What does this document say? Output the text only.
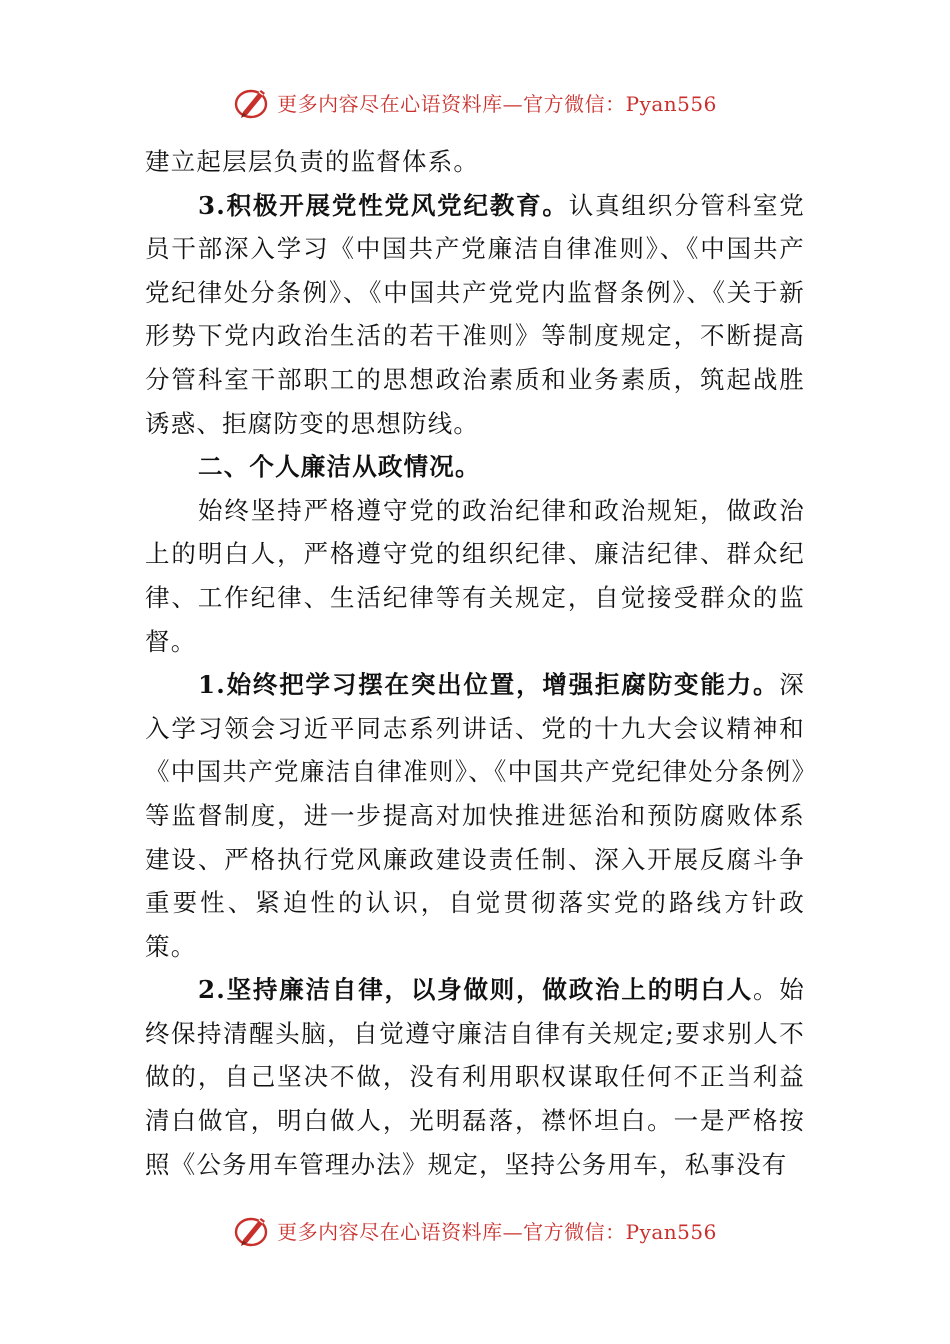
更多内容尽在心语资料库—官方微信：Pyan556

建立起层层负责的监督体系。

3.积极开展党性党风党纪教育。认真组织分管科室党员干部深入学习《中国共产党廉洁自律准则》、《中国共产党纪律处分条例》、《中国共产党党内监督条例》、《关于新形势下党内政治生活的若干准则》等制度规定，不断提高分管科室干部职工的思想政治素质和业务素质，筑起战胜诱惑、拒腐防变的思想防线。

二、个人廉洁从政情况。

始终坚持严格遵守党的政治纪律和政治规矩，做政治上的明白人，严格遵守党的组织纪律、廉洁纪律、群众纪律、工作纪律、生活纪律等有关规定，自觉接受群众的监督。

1.始终把学习摆在突出位置，增强拒腐防变能力。深入学习领会习近平同志系列讲话、党的十九大会议精神和《中国共产党廉洁自律准则》、《中国共产党纪律处分条例》等监督制度，进一步提高对加快推进惩治和预防腐败体系建设、严格执行党风廉政建设责任制、深入开展反腐斗争重要性、紧迫性的认识，自觉贯彻落实党的路线方针政策。

2.坚持廉洁自律，以身做则，做政治上的明白人。始终保持清醒头脑，自觉遵守廉洁自律有关规定;要求别人不做的，自己坚决不做，没有利用职权谋取任何不正当利益清白做官，明白做人，光明磊落，襟怀坦白。一是严格按照《公务用车管理办法》规定，坚持公务用车，私事没有

更多内容尽在心语资料库—官方微信：Pyan556
